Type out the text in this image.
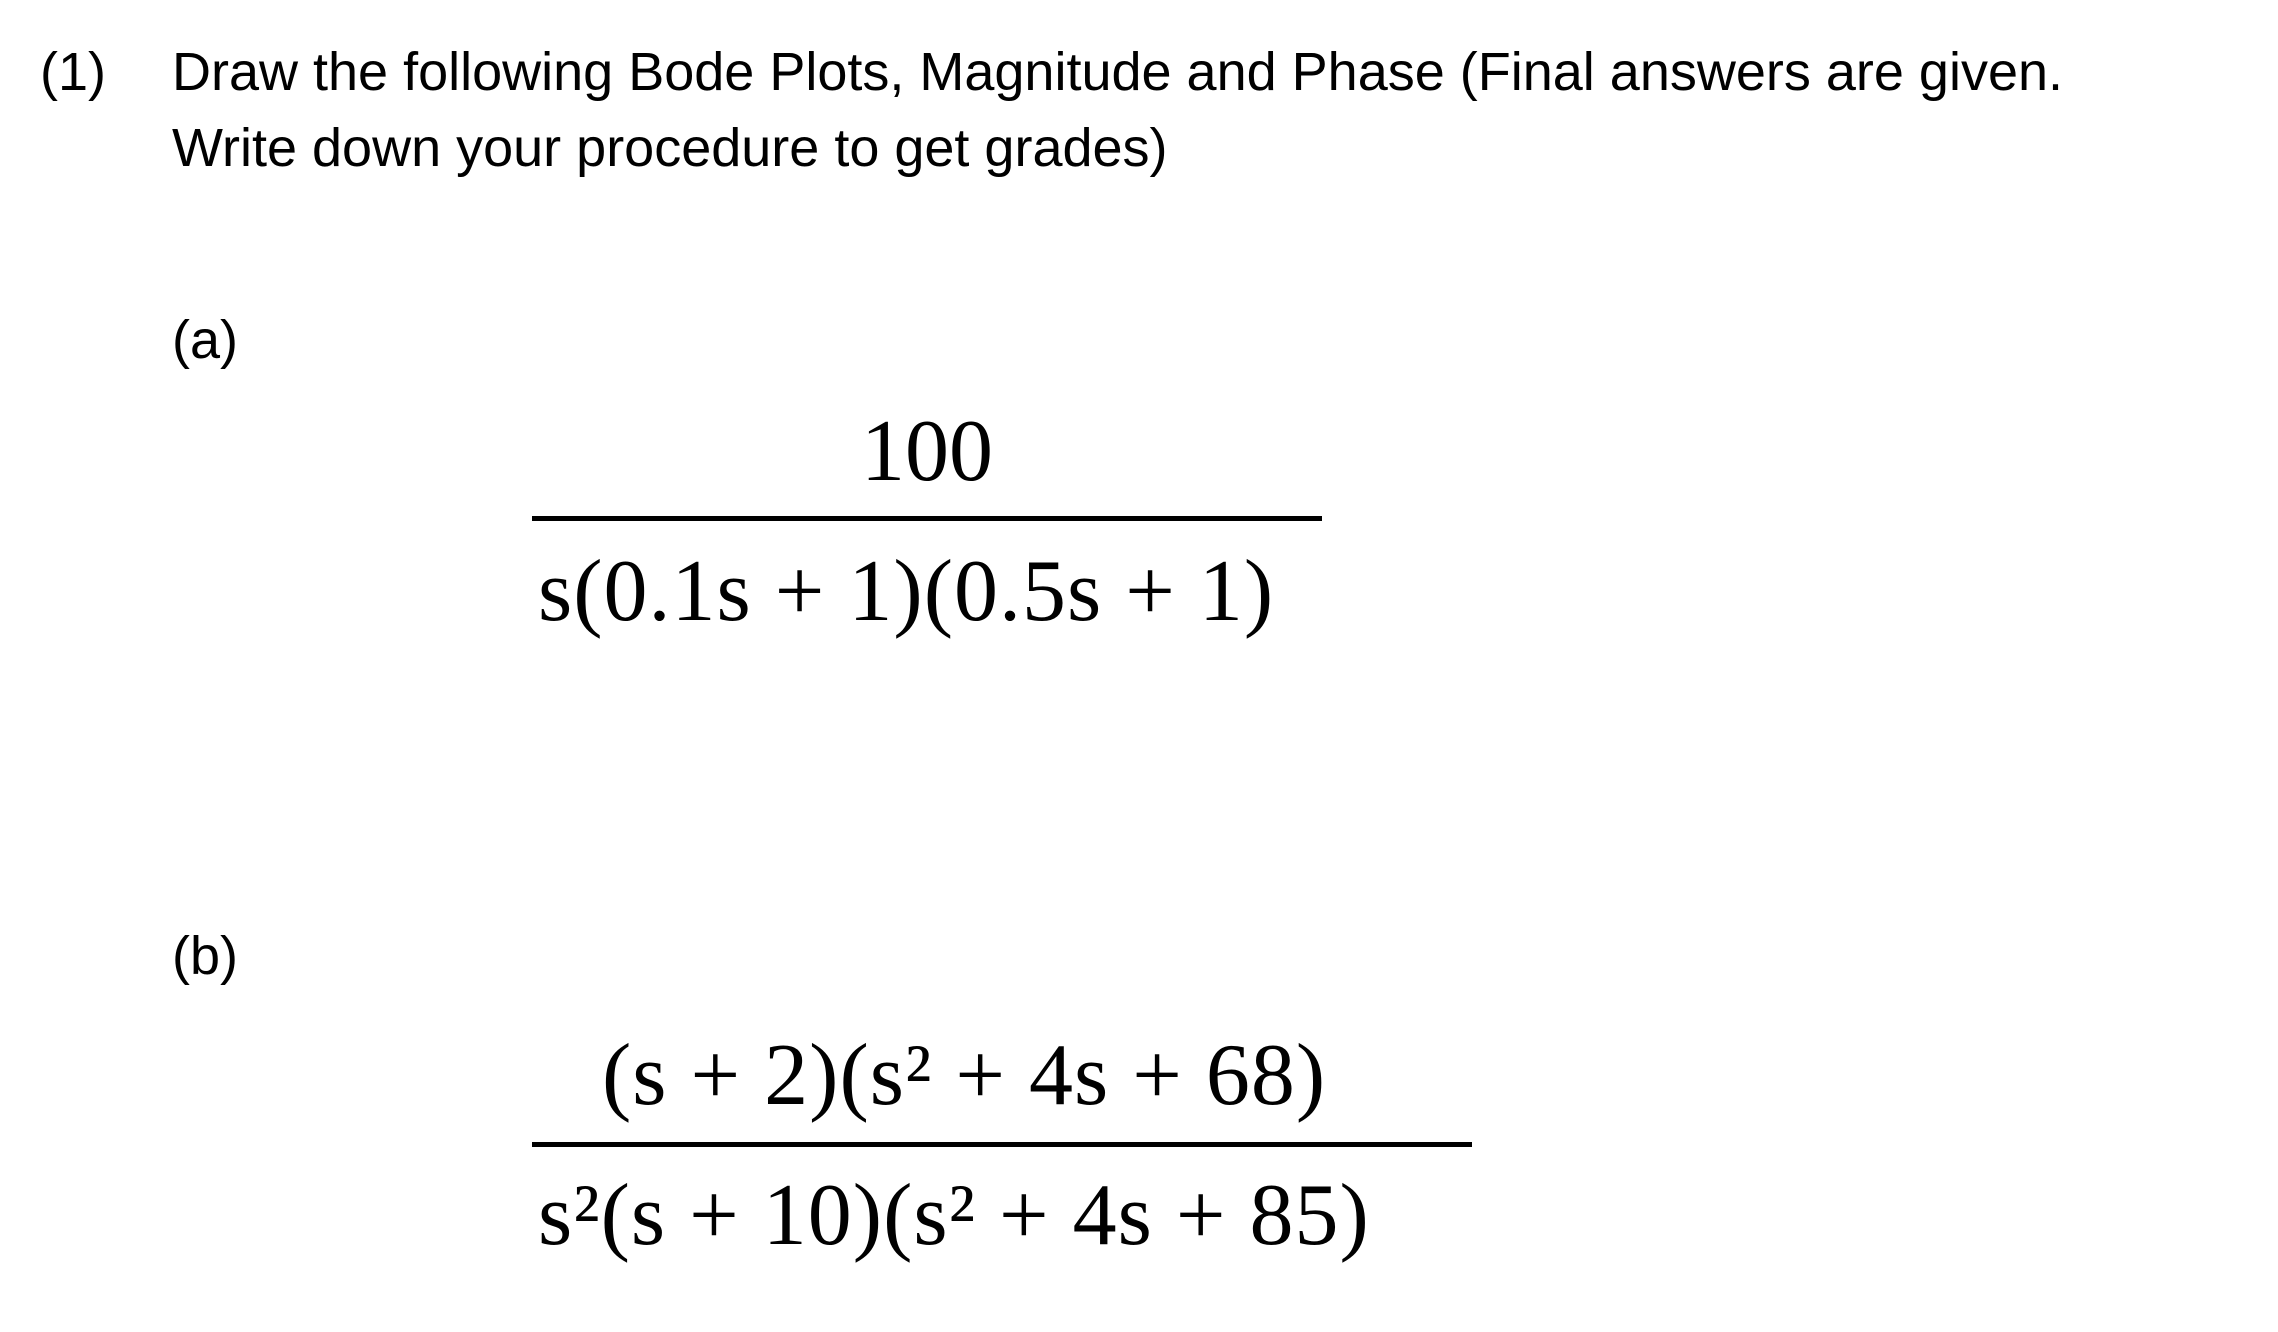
(1) Draw the following Bode Plots, Magnitude and Phase (Final answers are given.
Write down your procedure to get grades)
(a)
100
s(0.1s + 1)(0.5s + 1)
(b)
(s + 2)(s² + 4s + 68)
s²(s + 10)(s² + 4s + 85)
